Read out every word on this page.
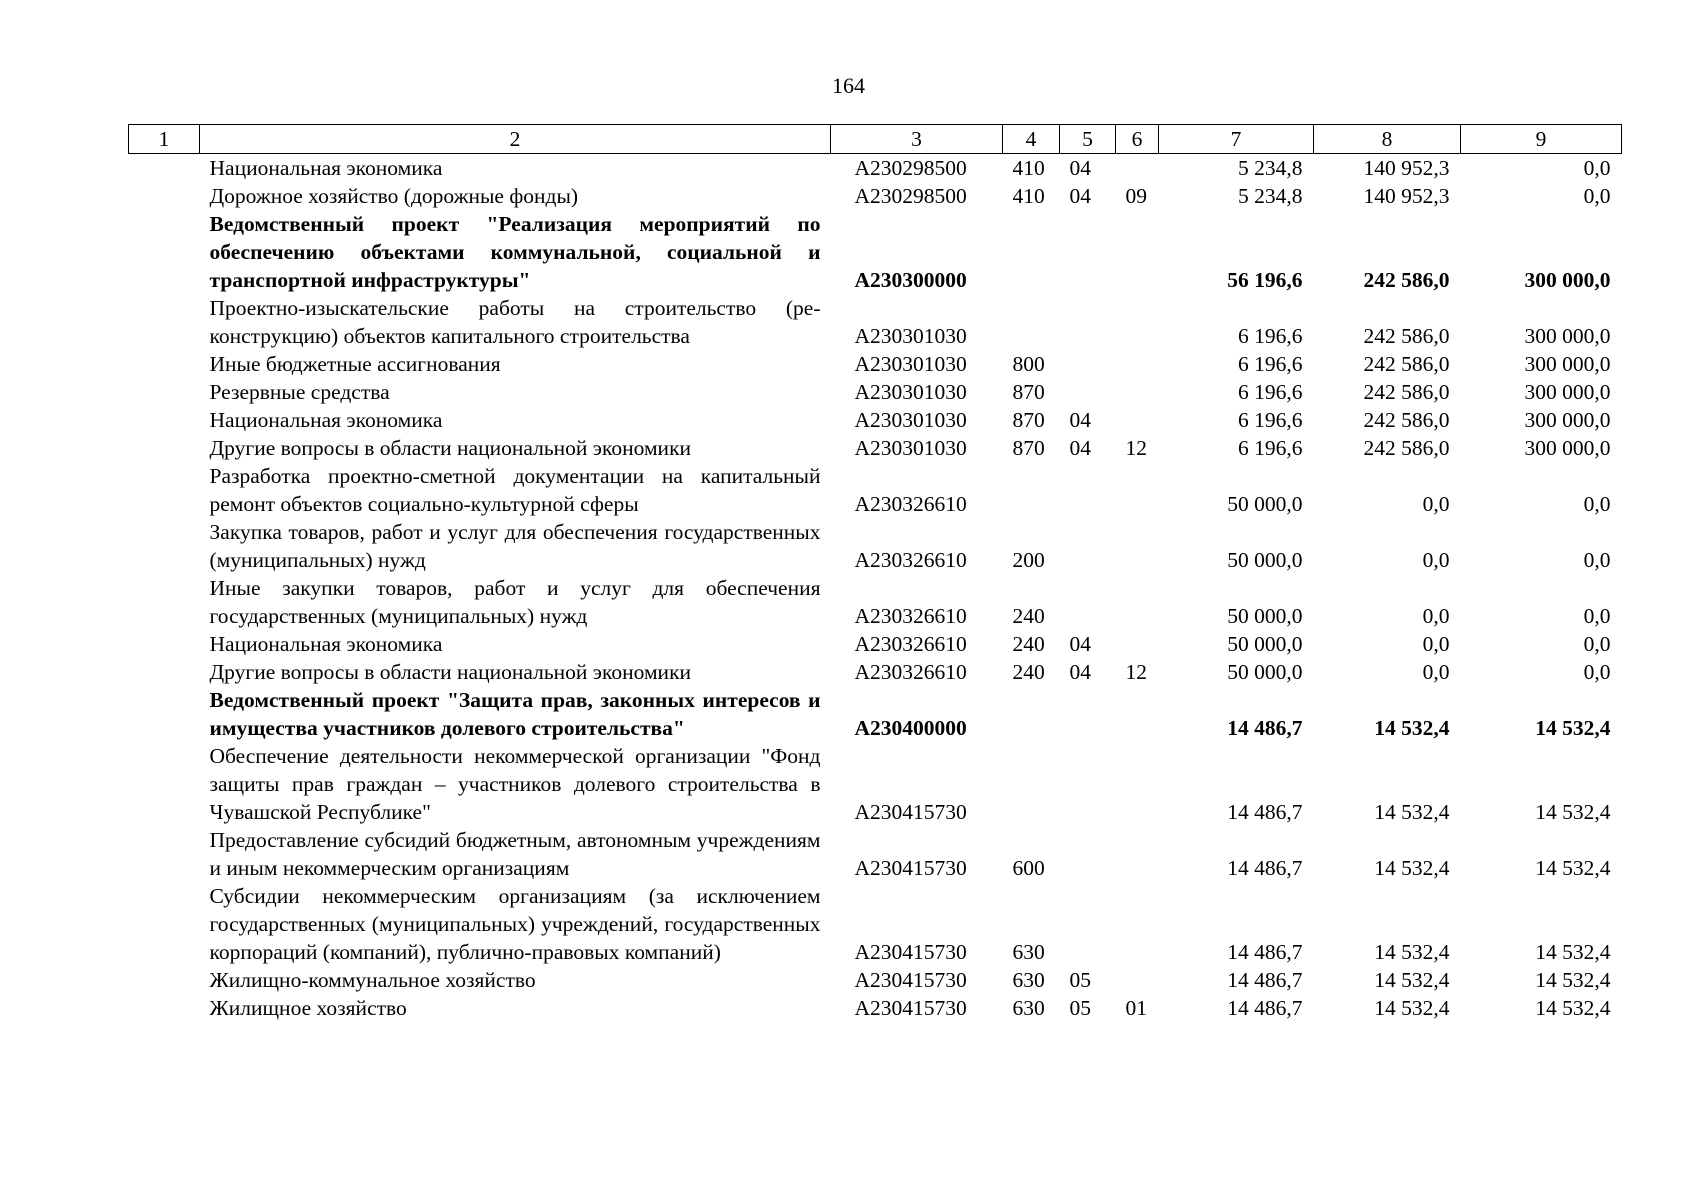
164
1	2	3	4	5	6	7	8	9
	Национальная экономика	A230298500	410	04		5 234,8	140 952,3	0,0
	Дорожное хозяйство (дорожные фонды)	A230298500	410	04	09	5 234,8	140 952,3	0,0
	Ведомственный проект "Реализация мероприятий по обеспечению объектами коммунальной, социальной и транспортной инфраструктуры"	A230300000				56 196,6	242 586,0	300 000,0
	Проектно-изыскательские работы на строительство (реконструкцию) объектов капитального строительства	A230301030				6 196,6	242 586,0	300 000,0
	Иные бюджетные ассигнования	A230301030	800			6 196,6	242 586,0	300 000,0
	Резервные средства	A230301030	870			6 196,6	242 586,0	300 000,0
	Национальная экономика	A230301030	870	04		6 196,6	242 586,0	300 000,0
	Другие вопросы в области национальной экономики	A230301030	870	04	12	6 196,6	242 586,0	300 000,0
	Разработка проектно-сметной документации на капитальный ремонт объектов социально-культурной сферы	A230326610				50 000,0	0,0	0,0
	Закупка товаров, работ и услуг для обеспечения государственных (муниципальных) нужд	A230326610	200			50 000,0	0,0	0,0
	Иные закупки товаров, работ и услуг для обеспечения государственных (муниципальных) нужд	A230326610	240			50 000,0	0,0	0,0
	Национальная экономика	A230326610	240	04		50 000,0	0,0	0,0
	Другие вопросы в области национальной экономики	A230326610	240	04	12	50 000,0	0,0	0,0
	Ведомственный проект "Защита прав, законных интересов и имущества участников долевого строительства"	A230400000				14 486,7	14 532,4	14 532,4
	Обеспечение деятельности некоммерческой организации "Фонд защиты прав граждан – участников долевого строительства в Чувашской Республике"	A230415730				14 486,7	14 532,4	14 532,4
	Предоставление субсидий бюджетным, автономным учреждениям и иным некоммерческим организациям	A230415730	600			14 486,7	14 532,4	14 532,4
	Субсидии некоммерческим организациям (за исключением государственных (муниципальных) учреждений, государственных корпораций (компаний), публично-правовых компаний)	A230415730	630			14 486,7	14 532,4	14 532,4
	Жилищно-коммунальное хозяйство	A230415730	630	05		14 486,7	14 532,4	14 532,4
	Жилищное хозяйство	A230415730	630	05	01	14 486,7	14 532,4	14 532,4
